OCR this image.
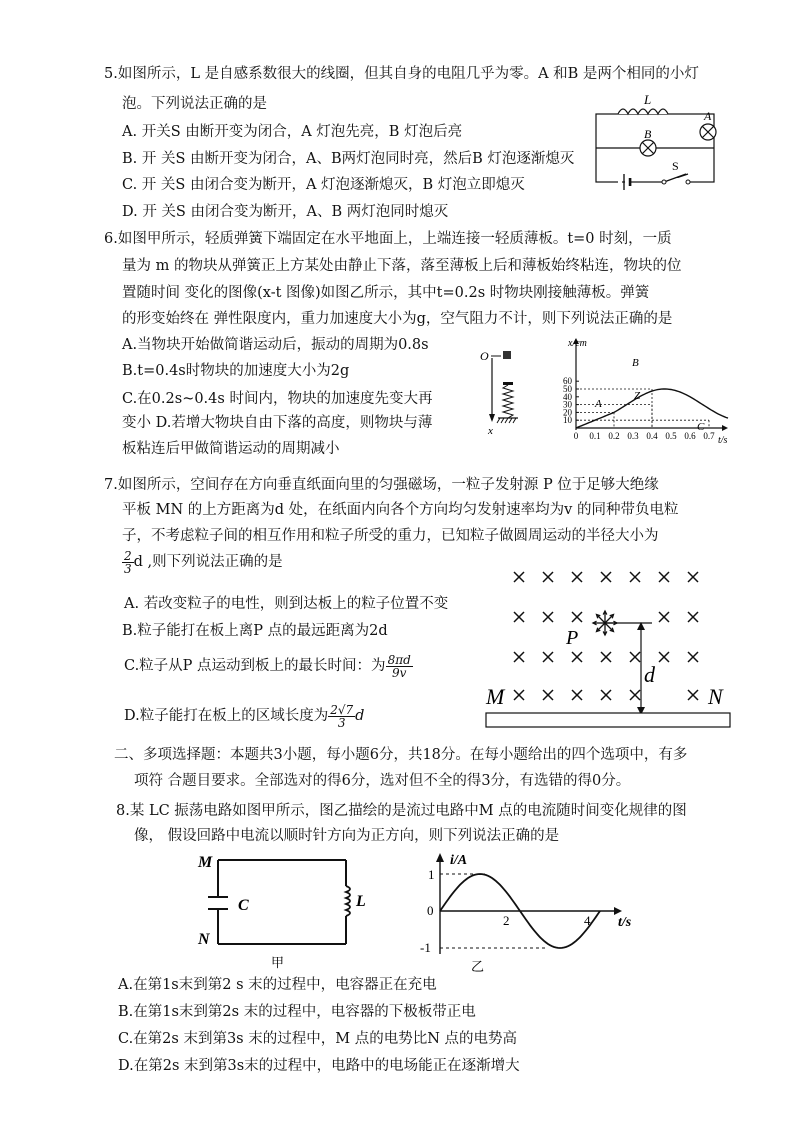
5.如图所示，L 是自感系数很大的线圈，但其自身的电阻几乎为零。A 和B 是两个相同的小灯
泡。下列说法正确的是
A. 开关S 由断开变为闭合，A 灯泡先亮，B 灯泡后亮
B. 开 关S 由断开变为闭合，A、B两灯泡同时亮，然后B 灯泡逐渐熄灭
C. 开 关S 由闭合变为断开，A 灯泡逐渐熄灭，B 灯泡立即熄灭
D. 开 关S 由闭合变为断开，A、B 两灯泡同时熄灭
L
B
A
S
6.如图甲所示，轻质弹簧下端固定在水平地面上，上端连接一轻质薄板。t=0 时刻，一质
量为 m 的物块从弹簧正上方某处由静止下落，落至薄板上后和薄板始终粘连，物块的位
置随时间 变化的图像(x-t 图像)如图乙所示，其中t=0.2s 时物块刚接触薄板。弹簧
的形变始终在 弹性限度内，重力加速度大小为g，空气阻力不计，则下列说法正确的是
A.当物块开始做简谐运动后，振动的周期为0.8s
B.t=0.4s时物块的加速度大小为2g
C.在0.2s~0.4s 时间内，物块的加速度先变大再
变小 D.若增大物块自由下落的高度，则物块与薄
板粘连后甲做简谐运动的周期减小
O
x
10
20
30
40
50
60
0 0.1 0.2 0.3 0.4 0.5 0.6 0.7
x/cm
t/s
B
A
Z
C
7.如图所示，空间存在方向垂直纸面向里的匀强磁场，一粒子发射源 P 位于足够大绝缘
平板 MN 的上方距离为d 处，在纸面内向各个方向均匀发射速率均为v 的同种带负电粒
子，不考虑粒子间的相互作用和粒子所受的重力，已知粒子做圆周运动的半径大小为
$\frac{2}{3}$ d ,则下列说法正确的是
A. 若改变粒子的电性，则到达板上的粒子位置不变
B.粒子能打在板上离P 点的最远距离为2d
C.粒子从P 点运动到板上的最长时间：为 $\frac{8\pi d}{9v}$
D.粒子能打在板上的区域长度为 $\frac{2√7}{3}$ d
P
d
M	N
二、多项选择题：本题共3小题，每小题6分，共18分。在每小题给出的四个选项中，有多
项符 合题目要求。全部选对的得6分，选对但不全的得3分，有选错的得0分。
8.某 LC 振荡电路如图甲所示，图乙描绘的是流过电路中M 点的电流随时间变化规律的图
像， 假设回路中电流以顺时针方向为正方向，则下列说法正确的是
M
N
C	L
甲
i/A
t/s
1
0
-1
2	4
乙
A.在第1s末到第2 s 末的过程中，电容器正在充电
B.在第1s末到第2s 末的过程中，电容器的下极板带正电
C.在第2s 末到第3s 末的过程中，M 点的电势比N 点的电势高
D.在第2s 末到第3s末的过程中，电路中的电场能正在逐渐增大
